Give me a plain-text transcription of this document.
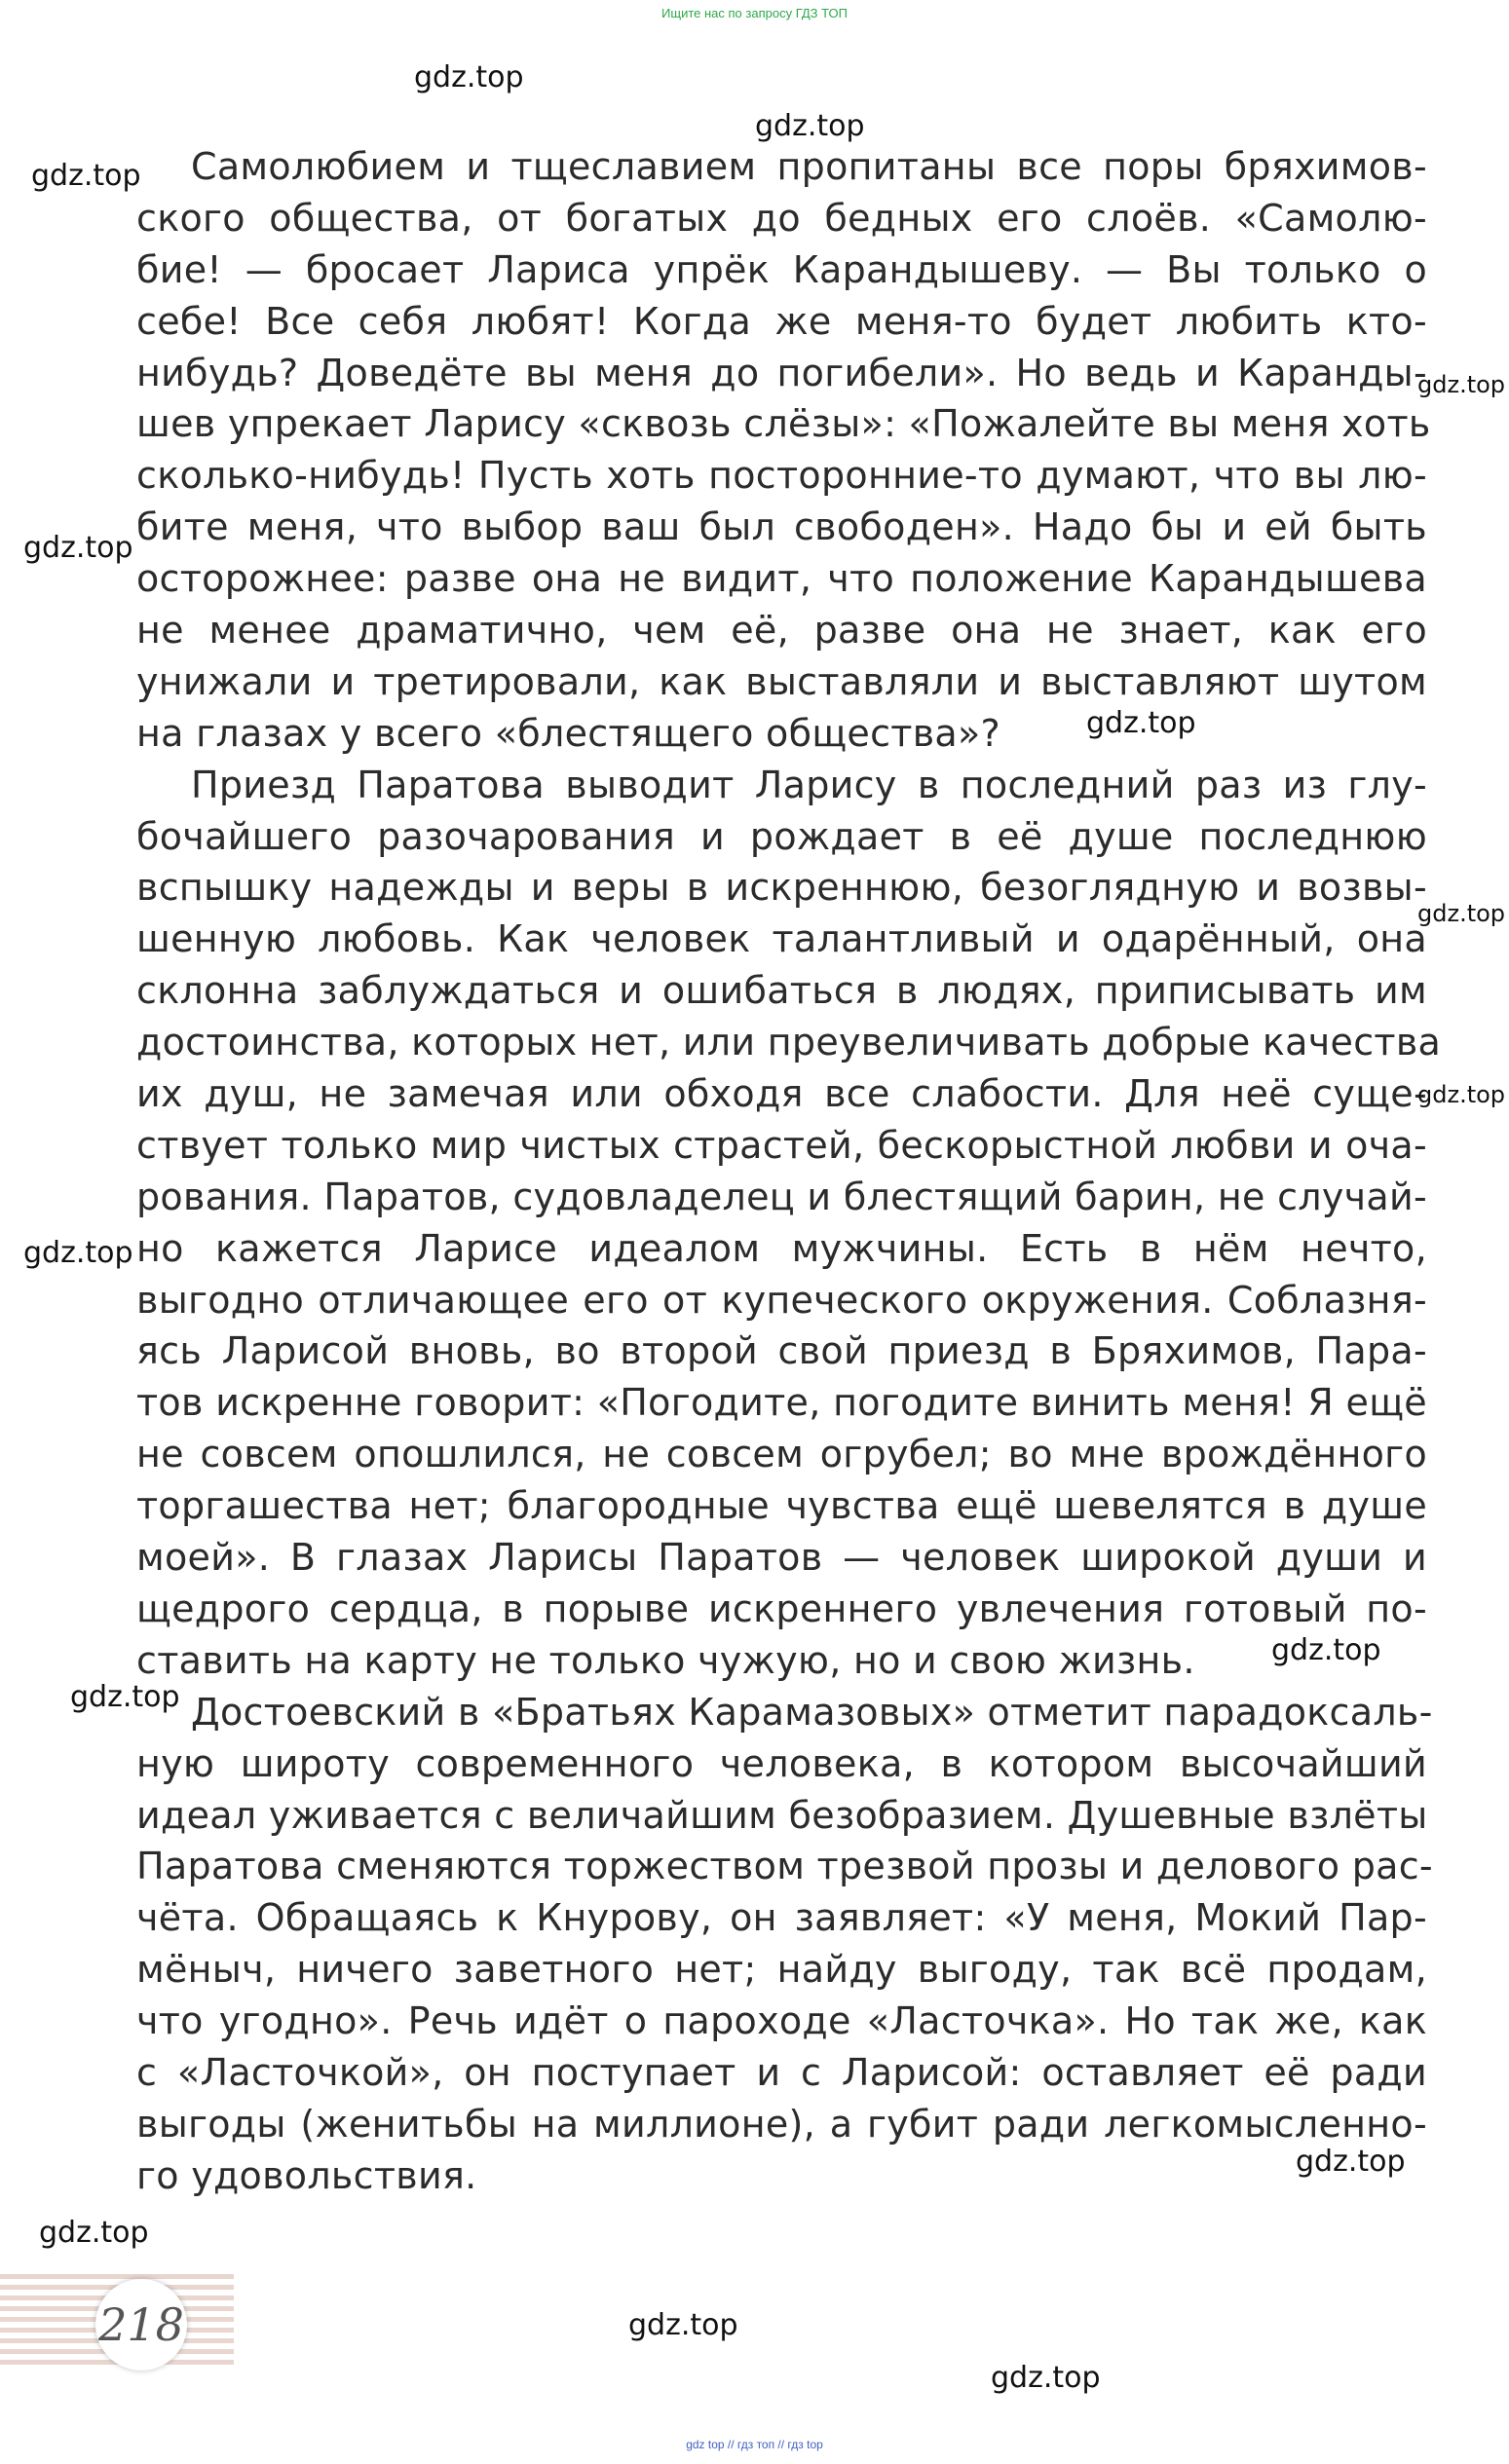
Ищите нас по запросу ГДЗ ТОП
Самолюбием и тщеславием пропитаны все поры бряхимов-
ского общества, от богатых до бедных его слоёв. «Самолю-
бие! — бросает Лариса упрёк Карандышеву. — Вы только о
себе! Все себя любят! Когда же меня-то будет любить кто-
нибудь? Доведёте вы меня до погибели». Но ведь и Каранды-
шев упрекает Ларису «сквозь слёзы»: «Пожалейте вы меня хоть
сколько-нибудь! Пусть хоть посторонние-то думают, что вы лю-
бите меня, что выбор ваш был свободен». Надо бы и ей быть
осторожнее: разве она не видит, что положение Карандышева
не менее драматично, чем её, разве она не знает, как его
унижали и третировали, как выставляли и выставляют шутом
на глазах у всего «блестящего общества»?
Приезд Паратова выводит Ларису в последний раз из глу-
бочайшего разочарования и рождает в её душе последнюю
вспышку надежды и веры в искреннюю, безоглядную и возвы-
шенную любовь. Как человек талантливый и одарённый, она
склонна заблуждаться и ошибаться в людях, приписывать им
достоинства, которых нет, или преувеличивать добрые качества
их душ, не замечая или обходя все слабости. Для неё суще-
ствует только мир чистых страстей, бескорыстной любви и оча-
рования. Паратов, судовладелец и блестящий барин, не случай-
но кажется Ларисе идеалом мужчины. Есть в нём нечто,
выгодно отличающее его от купеческого окружения. Соблазня-
ясь Ларисой вновь, во второй свой приезд в Бряхимов, Пара-
тов искренне говорит: «Погодите, погодите винить меня! Я ещё
не совсем опошлился, не совсем огрубел; во мне врождённого
торгашества нет; благородные чувства ещё шевелятся в душе
моей». В глазах Ларисы Паратов — человек широкой души и
щедрого сердца, в порыве искреннего увлечения готовый по-
ставить на карту не только чужую, но и свою жизнь.
Достоевский в «Братьях Карамазовых» отметит парадоксаль-
ную широту современного человека, в котором высочайший
идеал уживается с величайшим безобразием. Душевные взлёты
Паратова сменяются торжеством трезвой прозы и делового рас-
чёта. Обращаясь к Кнурову, он заявляет: «У меня, Мокий Пар-
мёныч, ничего заветного нет; найду выгоду, так всё продам,
что угодно». Речь идёт о пароходе «Ласточка». Но так же, как
с «Ласточкой», он поступает и с Ларисой: оставляет её ради
выгоды (женитьбы на миллионе), а губит ради легкомысленно-
го удовольствия.
gdz.top
gdz.top
gdz.top
gdz.top
gdz.top
gdz.top
gdz.top
gdz.top
gdz.top
gdz.top
gdz.top
gdz.top
gdz.top
gdz.top
gdz.top
218
gdz top // гдз топ // гдз top
